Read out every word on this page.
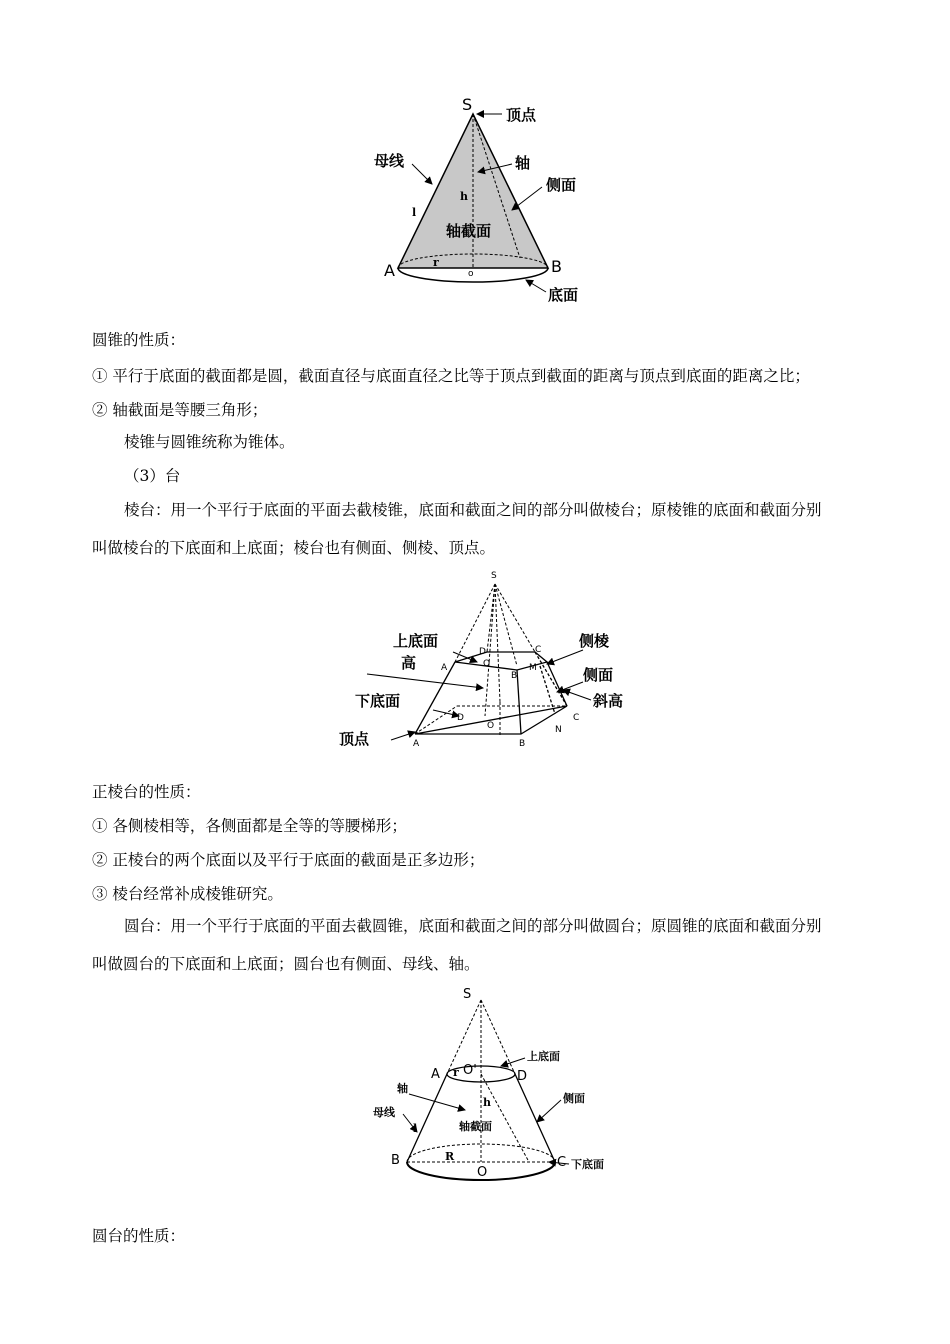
S
顶点
母线	轴
侧面
h
l
轴截面
A	B
r
o
底面
圆锥的性质：
① 平行于底面的截面都是圆，截面直径与底面直径之比等于顶点到截面的距离与顶点到底面的距离之比；
② 轴截面是等腰三角形；
棱锥与圆锥统称为锥体。
（3）台
棱台：用一个平行于底面的平面去截棱锥，底面和截面之间的部分叫做棱台；原棱锥的底面和截面分别
叫做棱台的下底面和上底面；棱台也有侧面、侧棱、顶点。
S
上底面
高
下底面
顶点
侧棱
侧面
斜高
D	C
A	O
B
M
D
O
A	B
C
N
正棱台的性质：
① 各侧棱相等，各侧面都是全等的等腰梯形；
② 正棱台的两个底面以及平行于底面的截面是正多边形；
③ 棱台经常补成棱锥研究。
圆台：用一个平行于底面的平面去截圆锥，底面和截面之间的部分叫做圆台；原圆锥的底面和截面分别
叫做圆台的下底面和上底面；圆台也有侧面、母线、轴。
S
A r O'	D
上底面
轴
h
母线
l	轴截面
侧面
B	R
O
C 下底面
圆台的性质：
